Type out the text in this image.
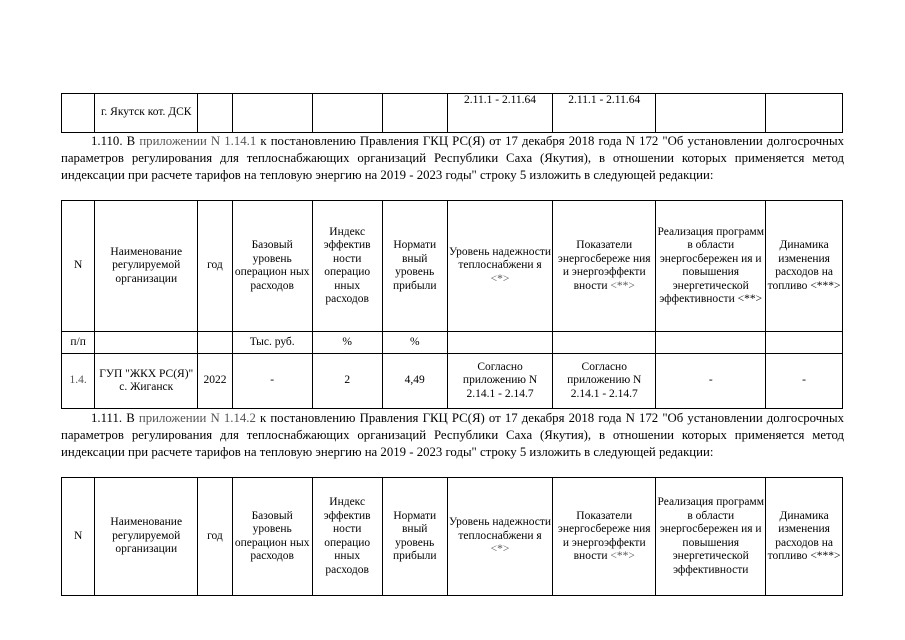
	г. Якутск кот. ДСК					2.11.1 - 2.11.64	2.11.1 - 2.11.64		
1.110. В приложении N 1.14.1 к постановлению Правления ГКЦ РС(Я) от 17 декабря 2018 года N 172 "Об установлении долгосрочных параметров регулирования для теплоснабжающих организаций Республики Саха (Якутия), в отношении которых применяется метод индексации при расчете тарифов на тепловую энергию на 2019 - 2023 годы" строку 5 изложить в следующей редакции:
N	Наименование регулируемой организации	год	Базовый уровень операцион ных расходов	Индекс эффектив ности операцио нных расходов	Нормати вный уровень прибыли	Уровень надежности теплоснабжени я <*>	Показатели энергосбереже ния и энергоэффекти вности <**>	Реализация программ в области энергосбережен ия и повышения энергетической эффективности <**>	Динамика изменения расходов на топливо <***>
п/п			Тыс. руб.	%	%				
1.4.	ГУП "ЖКХ РС(Я)" с. Жиганск	2022	-	2	4,49	Согласно приложению N 2.14.1 - 2.14.7	Согласно приложению N 2.14.1 - 2.14.7	-	-
1.111. В приложении N 1.14.2 к постановлению Правления ГКЦ РС(Я) от 17 декабря 2018 года N 172 "Об установлении долгосрочных параметров регулирования для теплоснабжающих организаций Республики Саха (Якутия), в отношении которых применяется метод индексации при расчете тарифов на тепловую энергию на 2019 - 2023 годы" строку 5 изложить в следующей редакции:
N	Наименование регулируемой организации	год	Базовый уровень операцион ных расходов	Индекс эффектив ности операцио нных расходов	Нормати вный уровень прибыли	Уровень надежности теплоснабжени я <*>	Показатели энергосбереже ния и энергоэффекти вности <**>	Реализация программ в области энергосбережен ия и повышения энергетической эффективности	Динамика изменения расходов на топливо <***>
